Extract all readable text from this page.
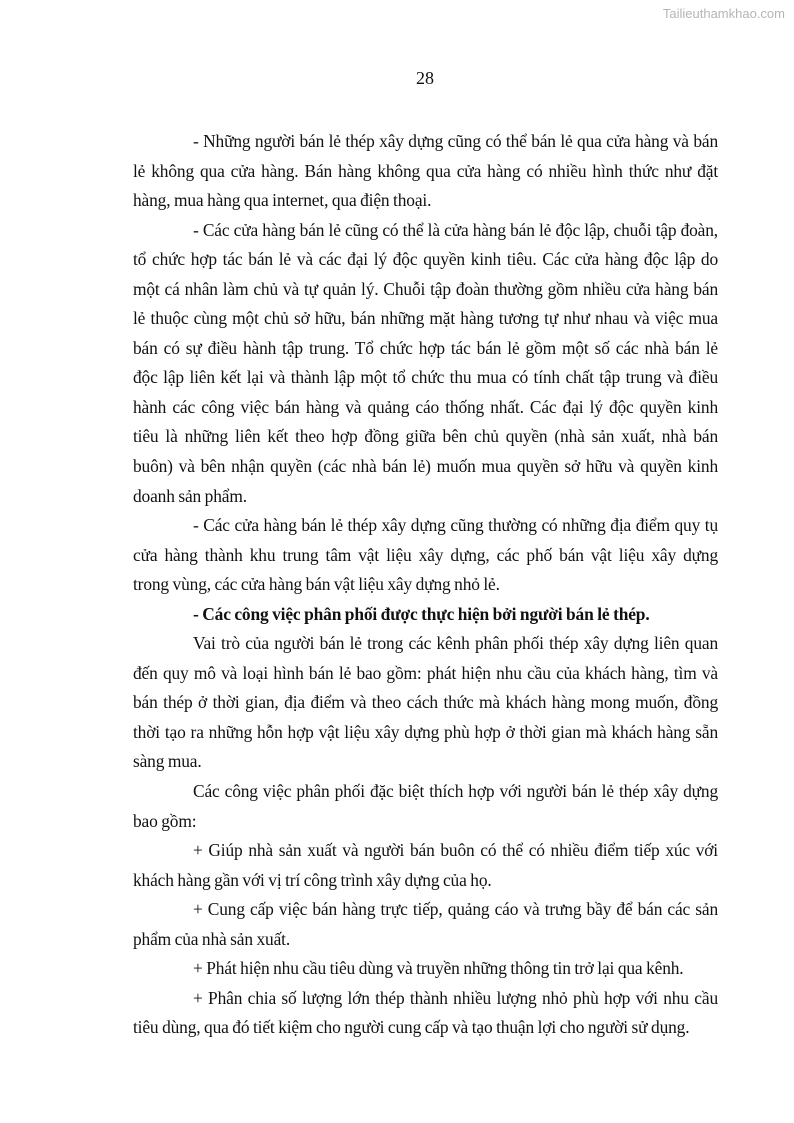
Tailieuthamkhao.com
28
- Những người bán lẻ thép xây dựng cũng có thể bán lẻ qua cửa hàng và bán
lẻ không qua cửa hàng. Bán hàng không qua cửa hàng có nhiều hình thức như đặt
hàng, mua hàng qua internet, qua điện thoại.
- Các cửa hàng bán lẻ cũng có thể là cửa hàng bán lẻ độc lập, chuỗi tập đoàn,
tổ chức hợp tác bán lẻ và các đại lý độc quyền kinh tiêu. Các cửa hàng độc lập do
một cá nhân làm chủ và tự quản lý. Chuỗi tập đoàn thường gồm nhiều cửa hàng bán
lẻ thuộc cùng một chủ sở hữu, bán những mặt hàng tương tự như nhau và việc mua
bán có sự điều hành tập trung. Tổ chức hợp tác bán lẻ gồm một số các nhà bán lẻ
độc lập liên kết lại và thành lập một tổ chức thu mua có tính chất tập trung và điều
hành các công việc bán hàng và quảng cáo thống nhất. Các đại lý độc quyền kinh
tiêu là những liên kết theo hợp đồng giữa bên chủ quyền (nhà sản xuất, nhà bán
buôn) và bên nhận quyền (các nhà bán lẻ) muốn mua quyền sở hữu và quyền kinh
doanh sản phẩm.
- Các cửa hàng bán lẻ thép xây dựng cũng thường có những địa điểm quy tụ
cửa hàng thành khu trung tâm vật liệu xây dựng, các phố bán vật liệu xây dựng
trong vùng, các cửa hàng bán vật liệu xây dựng nhỏ lẻ.
- Các công việc phân phối được thực hiện bởi người bán lẻ thép.
Vai trò của người bán lẻ trong các kênh phân phối thép xây dựng liên quan
đến quy mô và loại hình bán lẻ bao gồm: phát hiện nhu cầu của khách hàng, tìm và
bán thép ở thời gian, địa điểm và theo cách thức mà khách hàng mong muốn, đồng
thời tạo ra những hỗn hợp vật liệu xây dựng phù hợp ở thời gian mà khách hàng sẵn
sàng mua.
Các công việc phân phối đặc biệt thích hợp với người bán lẻ thép xây dựng
bao gồm:
+ Giúp nhà sản xuất và người bán buôn có thể có nhiều điểm tiếp xúc với
khách hàng gần với vị trí công trình xây dựng của họ.
+ Cung cấp việc bán hàng trực tiếp, quảng cáo và trưng bầy để bán các sản
phẩm của nhà sản xuất.
+ Phát hiện nhu cầu tiêu dùng và truyền những thông tin trở lại qua kênh.
+ Phân chia số lượng lớn thép thành nhiều lượng nhỏ phù hợp với nhu cầu
tiêu dùng, qua đó tiết kiệm cho người cung cấp và tạo thuận lợi cho người sử dụng.
